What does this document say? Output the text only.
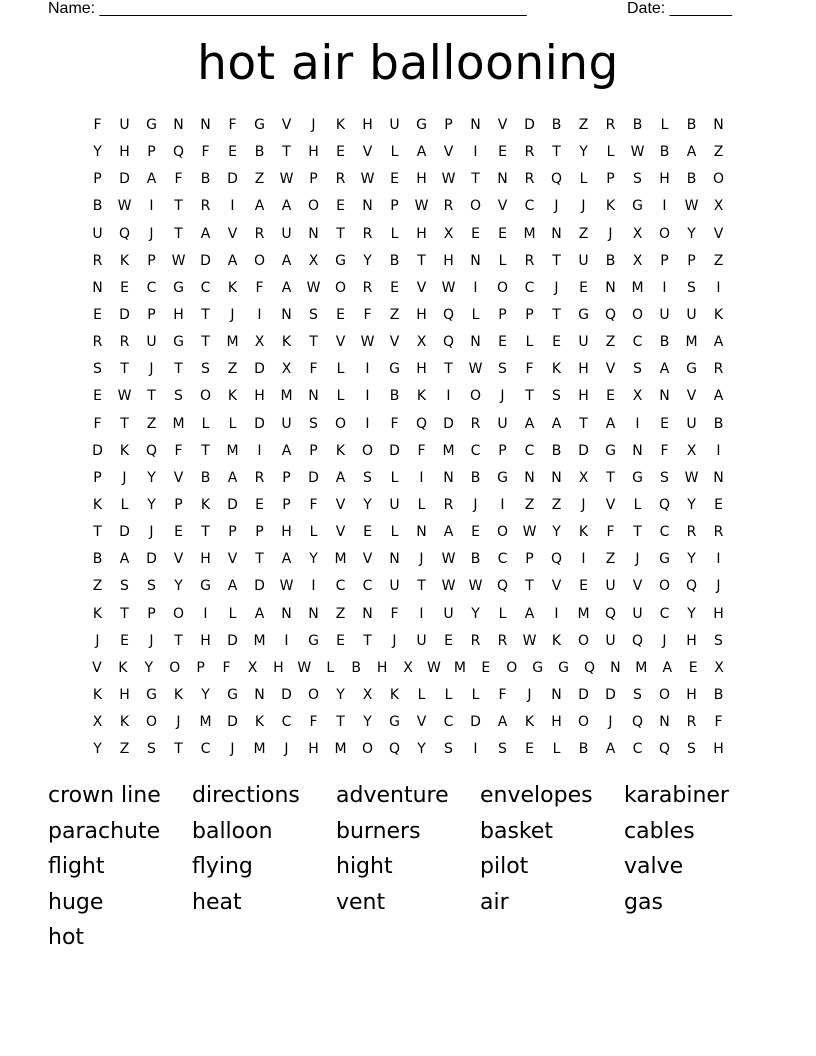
Name: ________________________________________________	Date: _______
hot air ballooning
F	U	G	N	N	F	G	V	J	K	H	U	G	P	N	V	D	B	Z	R	B	L	B	N
Y	H	P	Q	F	E	B	T	H	E	V	L	A	V	I	E	R	T	Y	L	W	B	A	Z
P	D	A	F	B	D	Z	W	P	R	W	E	H	W	T	N	R	Q	L	P	S	H	B	O
B	W	I	T	R	I	A	A	O	E	N	P	W	R	O	V	C	J	J	K	G	I	W	X
U	Q	J	T	A	V	R	U	N	T	R	L	H	X	E	E	M	N	Z	J	X	O	Y	V
R	K	P	W	D	A	O	A	X	G	Y	B	T	H	N	L	R	T	U	B	X	P	P	Z
N	E	C	G	C	K	F	A	W	O	R	E	V	W	I	O	C	J	E	N	M	I	S	I
E	D	P	H	T	J	I	N	S	E	F	Z	H	Q	L	P	P	T	G	Q	O	U	U	K
R	R	U	G	T	M	X	K	T	V	W	V	X	Q	N	E	L	E	U	Z	C	B	M	A
S	T	J	T	S	Z	D	X	F	L	I	G	H	T	W	S	F	K	H	V	S	A	G	R
E	W	T	S	O	K	H	M	N	L	I	B	K	I	O	J	T	S	H	E	X	N	V	A
F	T	Z	M	L	L	D	U	S	O	I	F	Q	D	R	U	A	A	T	A	I	E	U	B
D	K	Q	F	T	M	I	A	P	K	O	D	F	M	C	P	C	B	D	G	N	F	X	I
P	J	Y	V	B	A	R	P	D	A	S	L	I	N	B	G	N	N	X	T	G	S	W	N
K	L	Y	P	K	D	E	P	F	V	Y	U	L	R	J	I	Z	Z	J	V	L	Q	Y	E
T	D	J	E	T	P	P	H	L	V	E	L	N	A	E	O	W	Y	K	F	T	C	R	R
B	A	D	V	H	V	T	A	Y	M	V	N	J	W	B	C	P	Q	I	Z	J	G	Y	I
Z	S	S	Y	G	A	D	W	I	C	C	U	T	W W	Q	T	V	E	U	V	O	Q	J
K	T	P	O	I	L	A	N	N	Z	N	F	I	U	Y	L	A	I	M	Q	U	C	Y	H
J	E	J	T	H	D	M	I	G	E	T	J	U	E	R	R	W	K	O	U	Q	J	H	S
V	K	Y	O	P	F	X	H W	L	B	H	X	W M	E	O	G	G	Q	N	M	A	E	X
K	H	G	K	Y	G	N	D	O	Y	X	K	L	L	L	F	J	N	D	D	S	O	H	B
X	K	O	J	M	D	K	C	F	T	Y	G	V	C	D	A	K	H	O	J	Q	N	R	F
Y	Z	S	T	C	J	M	J	H	M	O	Q	Y	S	I	S	E	L	B	A	C	Q	S	H
crown line	directions	adventure	envelopes	karabiner
parachute	balloon	burners	basket	cables
flight	flying	hight	pilot	valve
huge	heat	vent	air	gas
hot
